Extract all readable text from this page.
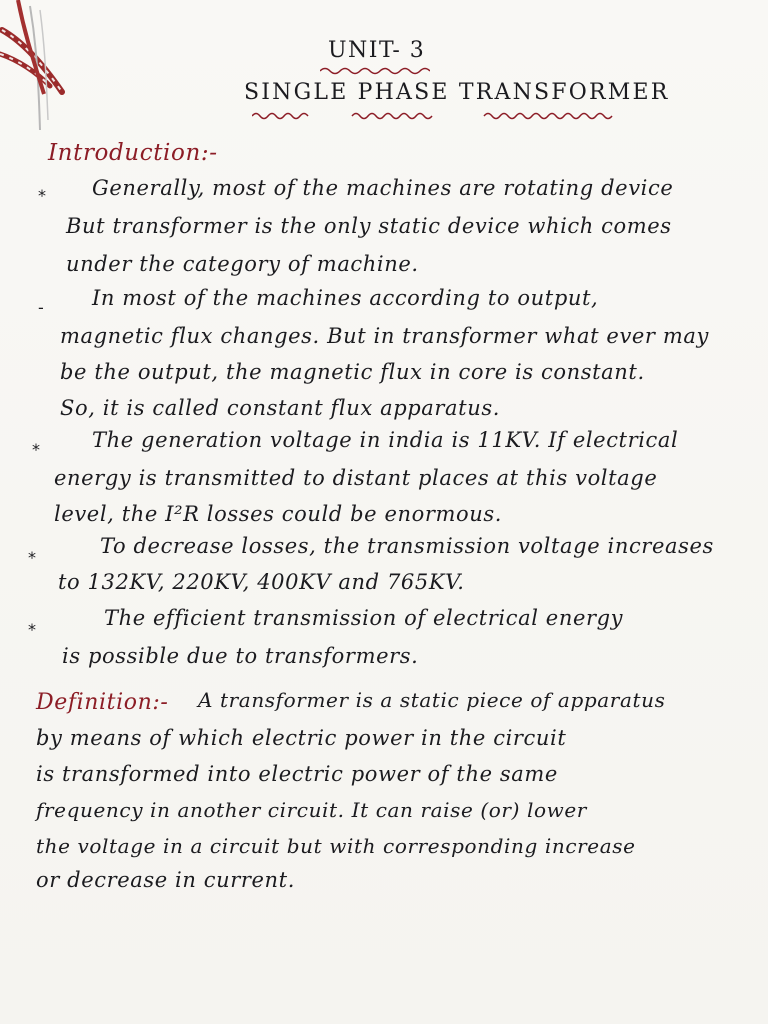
UNIT- 3
SINGLE PHASE TRANSFORMER
Introduction:-
* Generally, most of the machines are rotating device
But transformer is the only static device which comes
under the category of machine.
- In most of the machines according to output,
magnetic flux changes. But in transformer what ever may
be the output, the magnetic flux in core is constant.
So, it is called constant flux apparatus.
* The generation voltage in india is 11KV. If electrical
energy is transmitted to distant places at this voltage
level, the I²R losses could be enormous.
*	To decrease losses, the transmission voltage increases
to 132KV, 220KV, 400KV and 765KV.
*	The efficient transmission of electrical energy
is possible due to transformers.
Definition:- A transformer is a static piece of apparatus
by means of which electric power in the circuit
is transformed into electric power of the same
frequency in another circuit. It can raise (or) lower
the voltage in a circuit but with corresponding increase
or decrease in current.
